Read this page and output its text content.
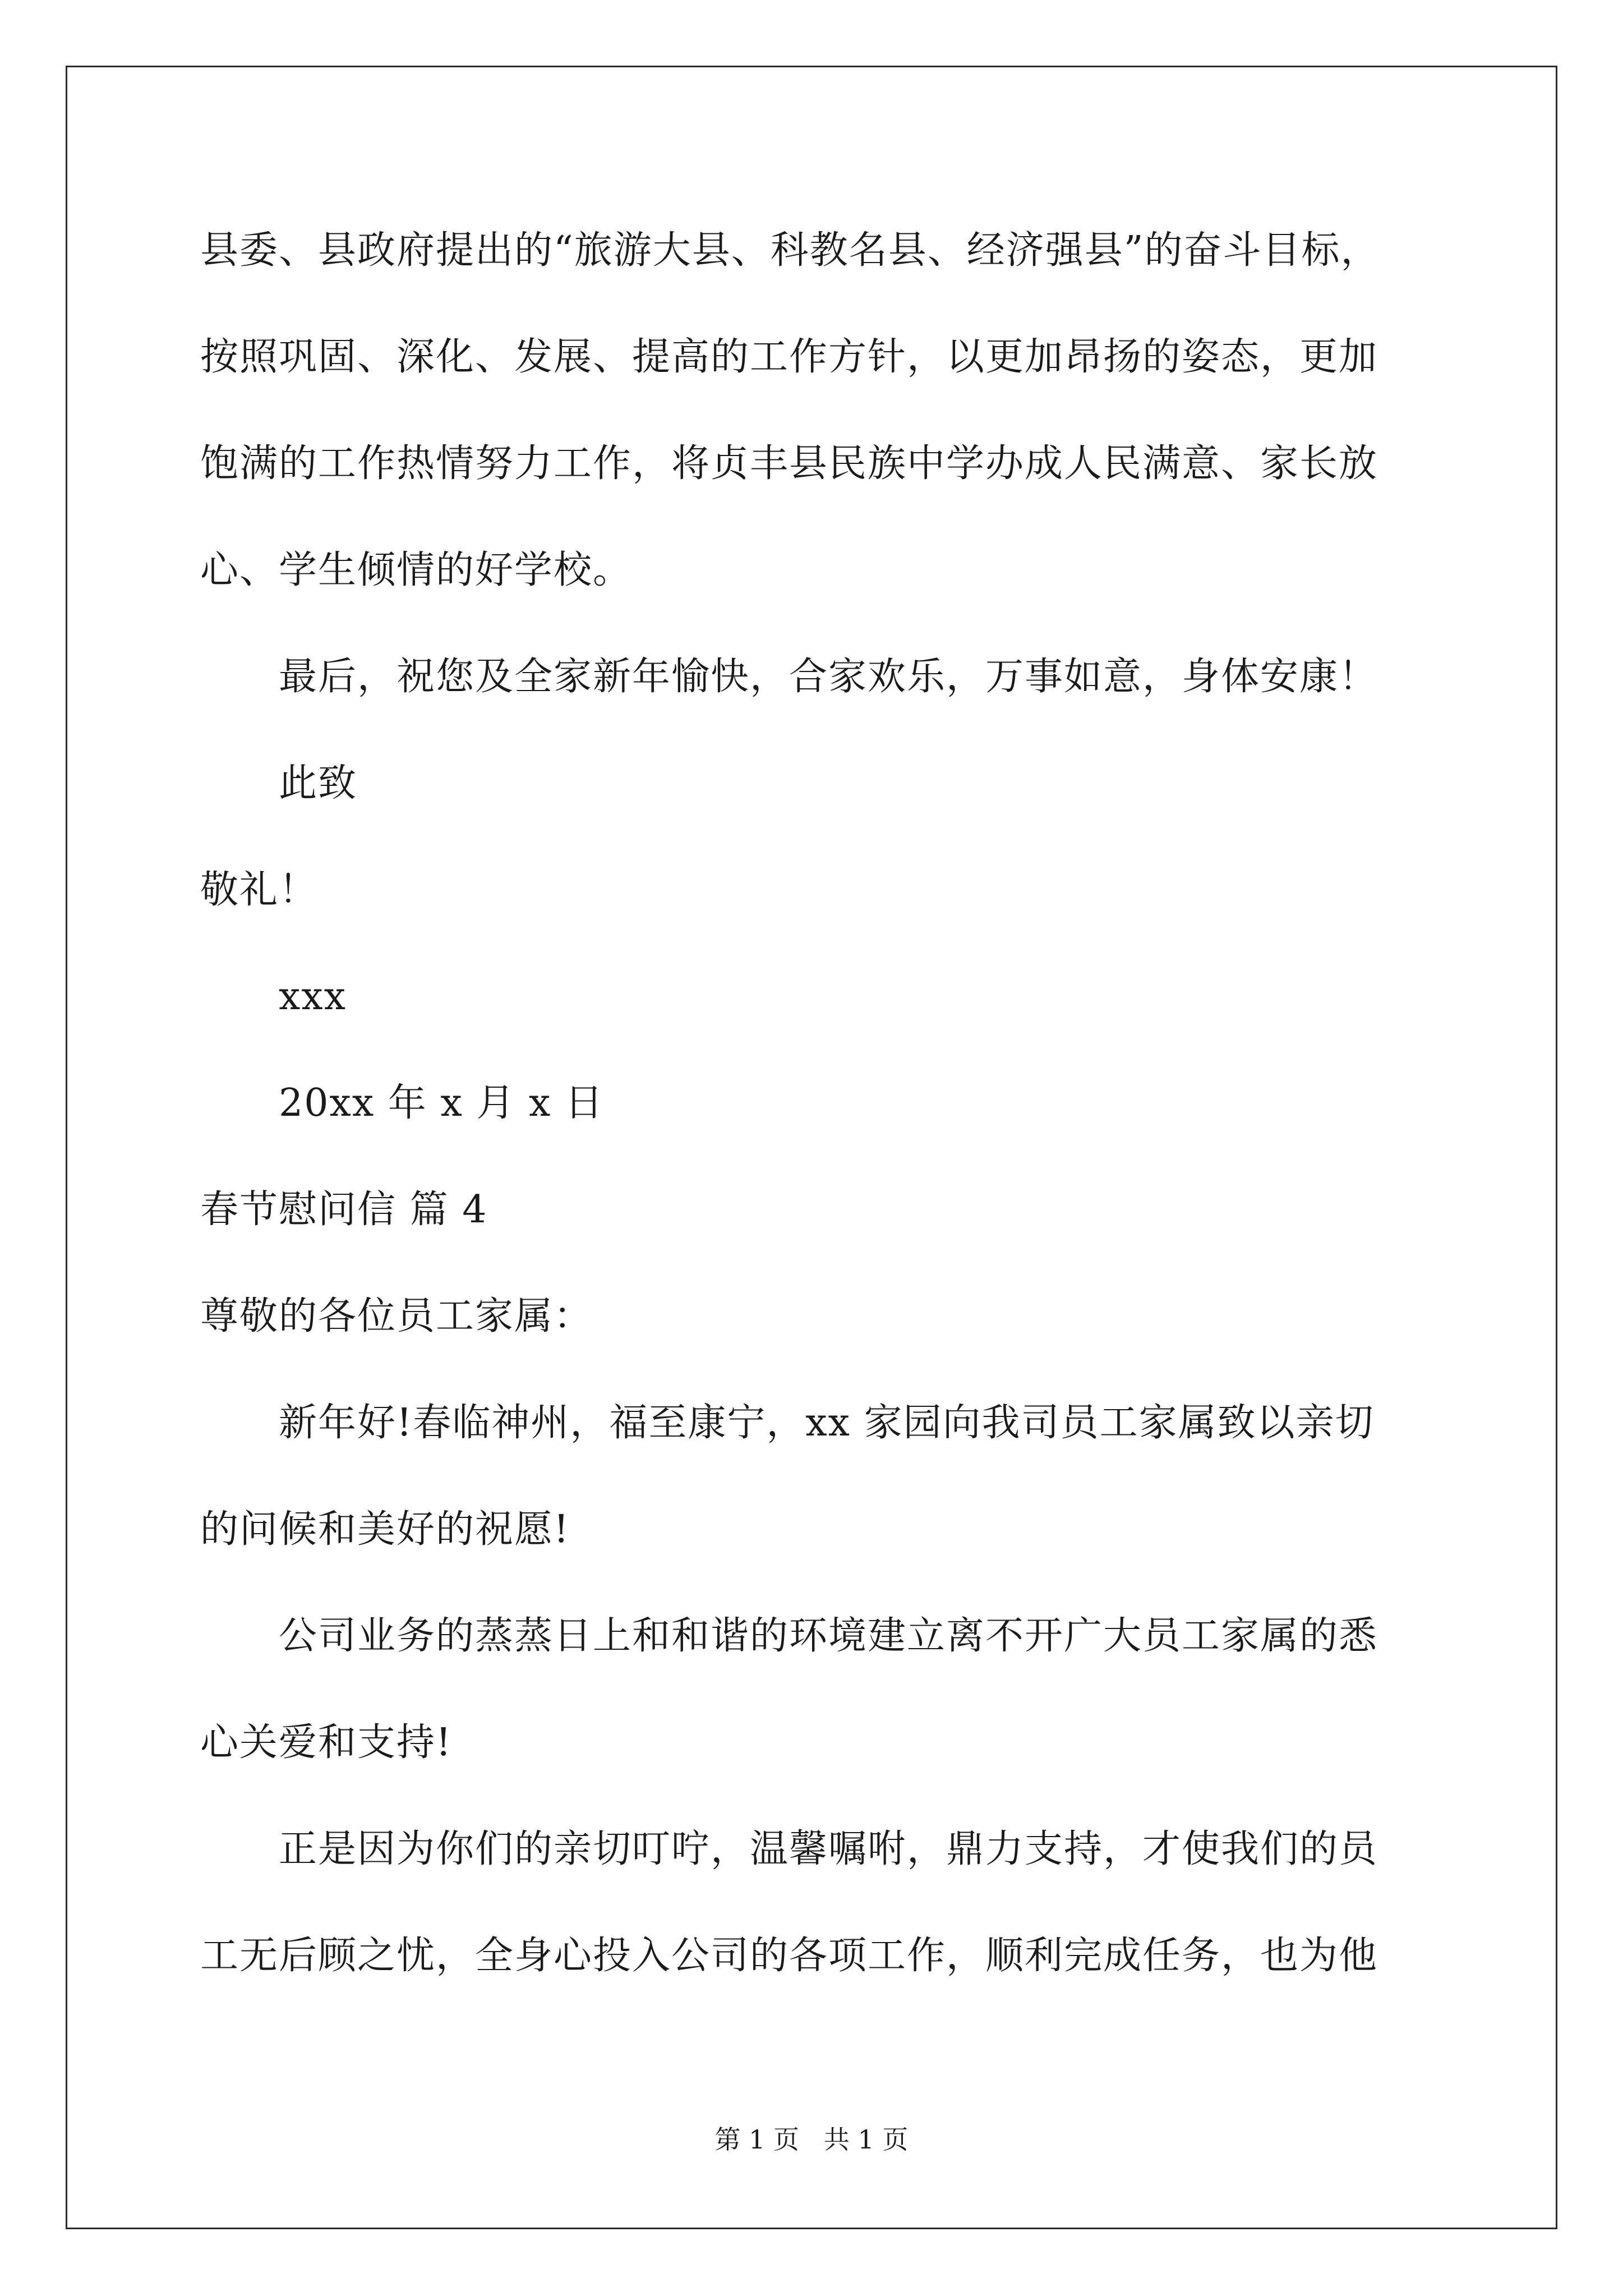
县委、县政府提出的“旅游大县、科教名县、经济强县”的奋斗目标，
按照巩固、深化、发展、提高的工作方针，以更加昂扬的姿态，更加
饱满的工作热情努力工作，将贞丰县民族中学办成人民满意、家长放
心、学生倾情的好学校。
最后，祝您及全家新年愉快，合家欢乐，万事如意，身体安康！
此致
敬礼！
xxx
20xx 年 x 月 x 日
春节慰问信 篇 4
尊敬的各位员工家属：
新年好!春临神州，福至康宁，xx 家园向我司员工家属致以亲切
的问候和美好的祝愿!
公司业务的蒸蒸日上和和谐的环境建立离不开广大员工家属的悉
心关爱和支持!
正是因为你们的亲切叮咛，温馨嘱咐，鼎力支持，才使我们的员
工无后顾之忧，全身心投入公司的各项工作，顺利完成任务，也为他
第 1 页   共 1 页
